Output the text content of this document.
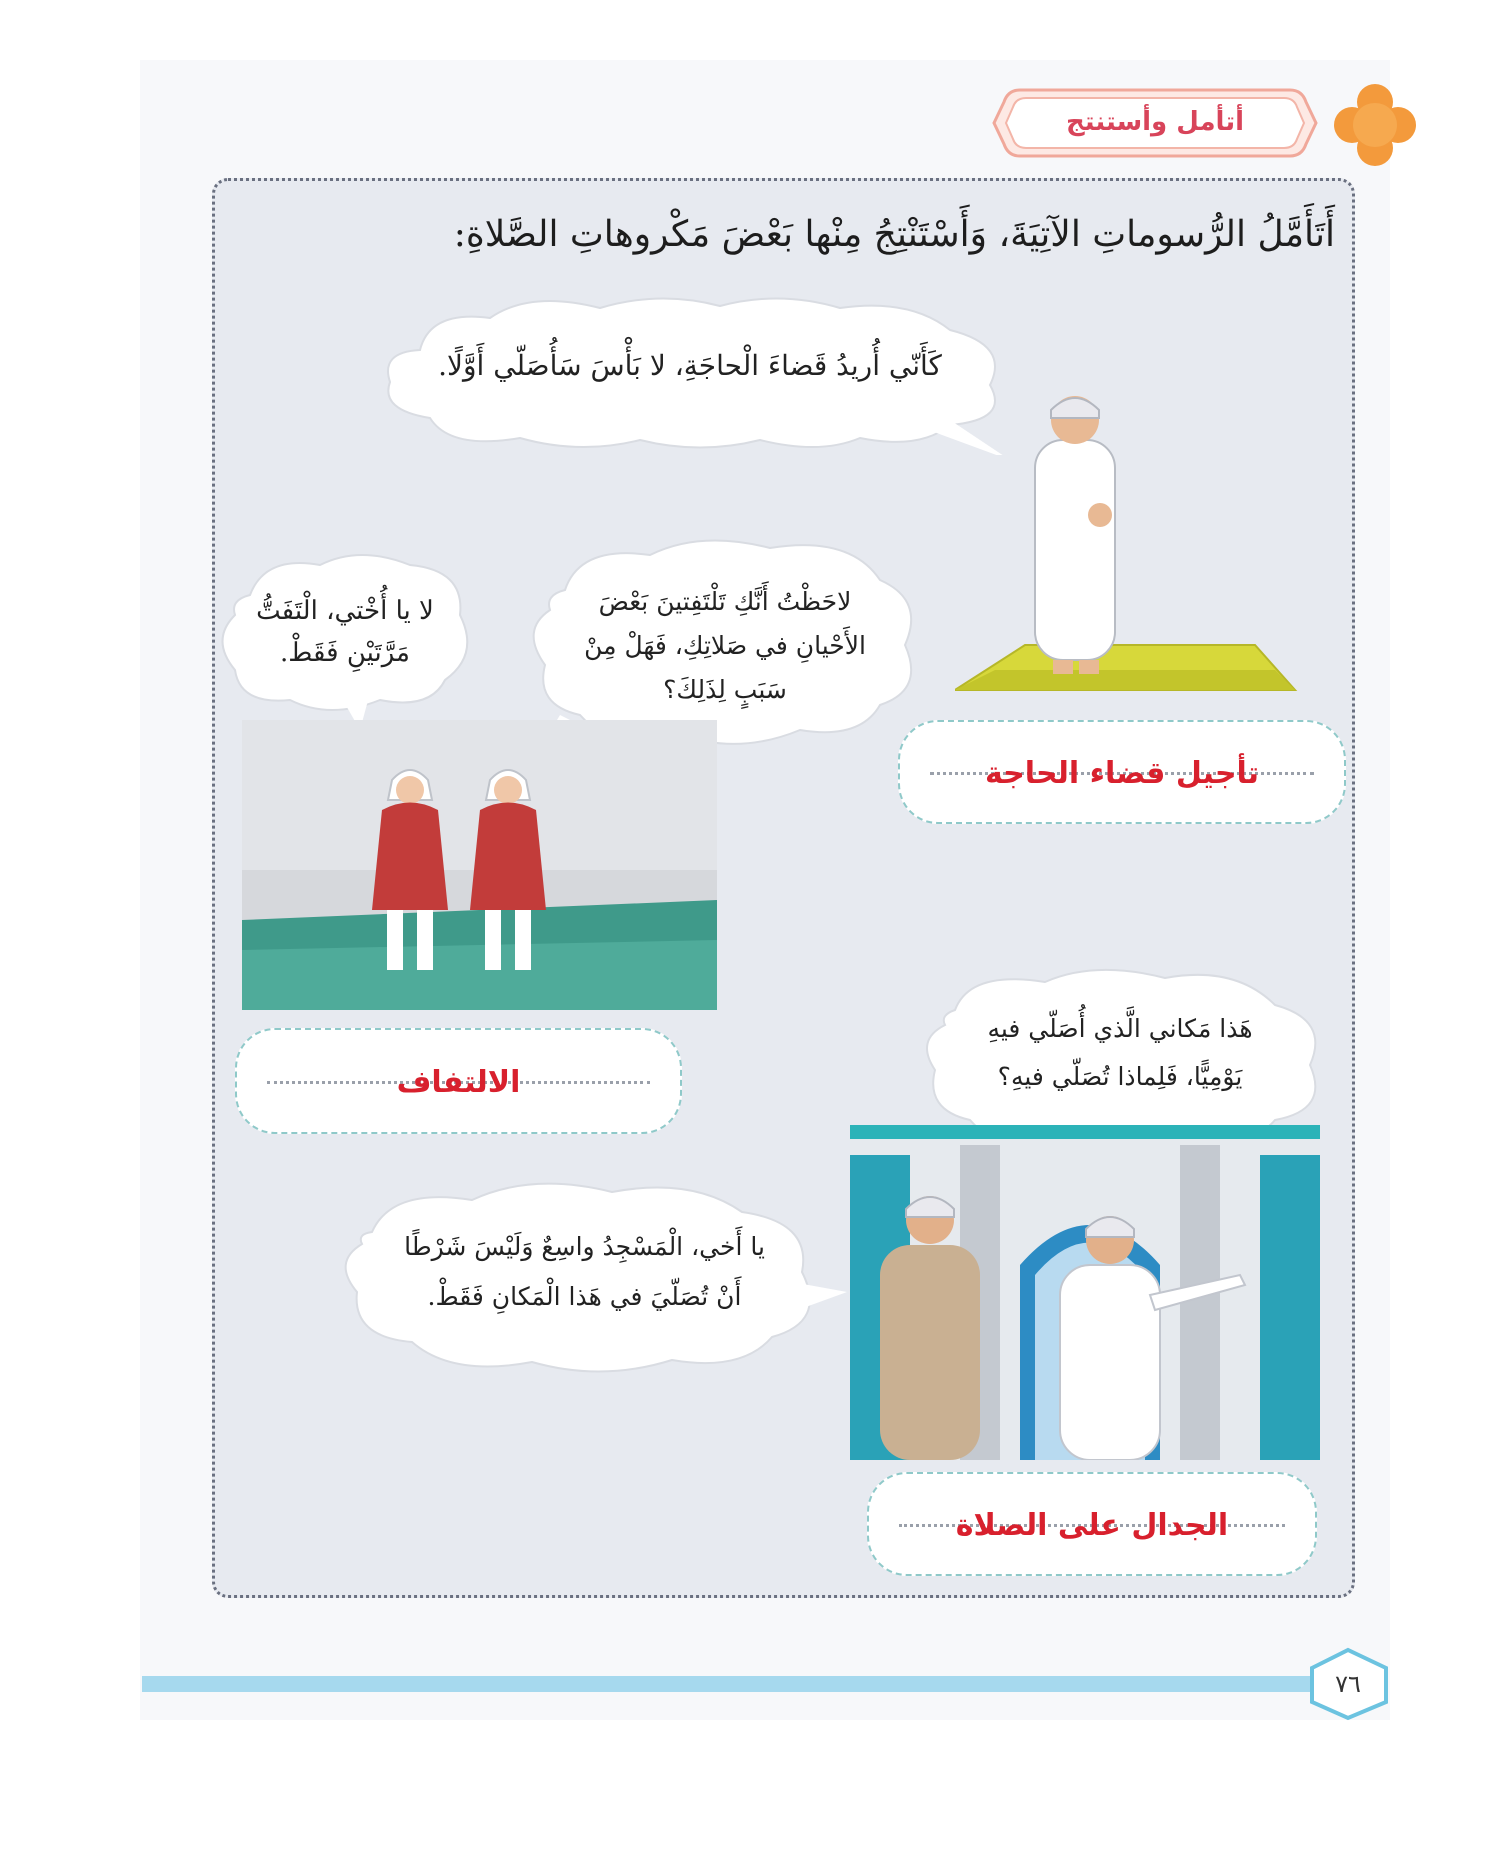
أتأمل وأستنتج
أَتَأَمَّلُ الرُّسوماتِ الآتِيَةَ، وَأَسْتَنْتِجُ مِنْها بَعْضَ مَكْروهاتِ الصَّلاةِ:
كَأَنّي أُريدُ قَضاءَ الْحاجَةِ، لا بَأْسَ سَأُصَلّي أَوَّلًا.
تأجيل قضاء الحاجة
لا يا أُخْتي، الْتَفَتُّ
مَرَّتَيْنِ فَقَطْ.
لاحَظْتُ أَنَّكِ تَلْتَفِتينَ بَعْضَ
الأَحْيانِ في صَلاتِكِ، فَهَلْ مِنْ
سَبَبٍ لِذَلِكَ؟
الالتفاف
هَذا مَكاني الَّذي أُصَلّي فيهِ
يَوْمِيًّا، فَلِماذا تُصَلّي فيهِ؟
يا أَخي، الْمَسْجِدُ واسِعٌ وَلَيْسَ شَرْطًا
أَنْ تُصَلّيَ في هَذا الْمَكانِ فَقَطْ.
الجدال على الصلاة
٧٦
